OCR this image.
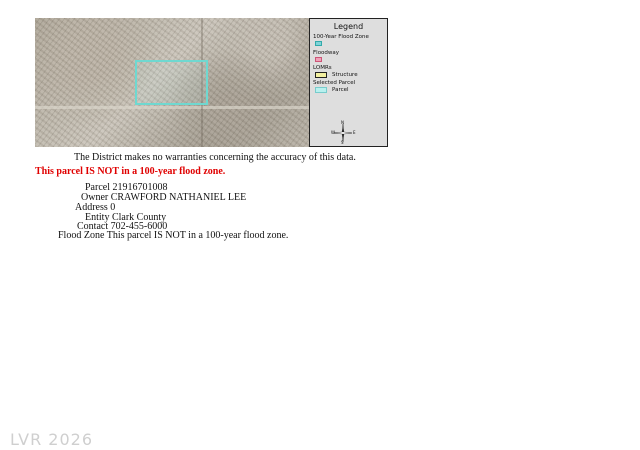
Legend
100-Year Flood Zone
Floodway
LOMRs
Structure
Selected Parcel
Parcel
N
S
W	E
The District makes no warranties concerning the accuracy of this data.
This parcel IS NOT in a 100-year flood zone.
Parcel 21916701008
Owner CRAWFORD NATHANIEL LEE
Address 0
Entity Clark County
Contact 702-455-6000
Flood Zone This parcel IS NOT in a 100-year flood zone.
LVR 2026
